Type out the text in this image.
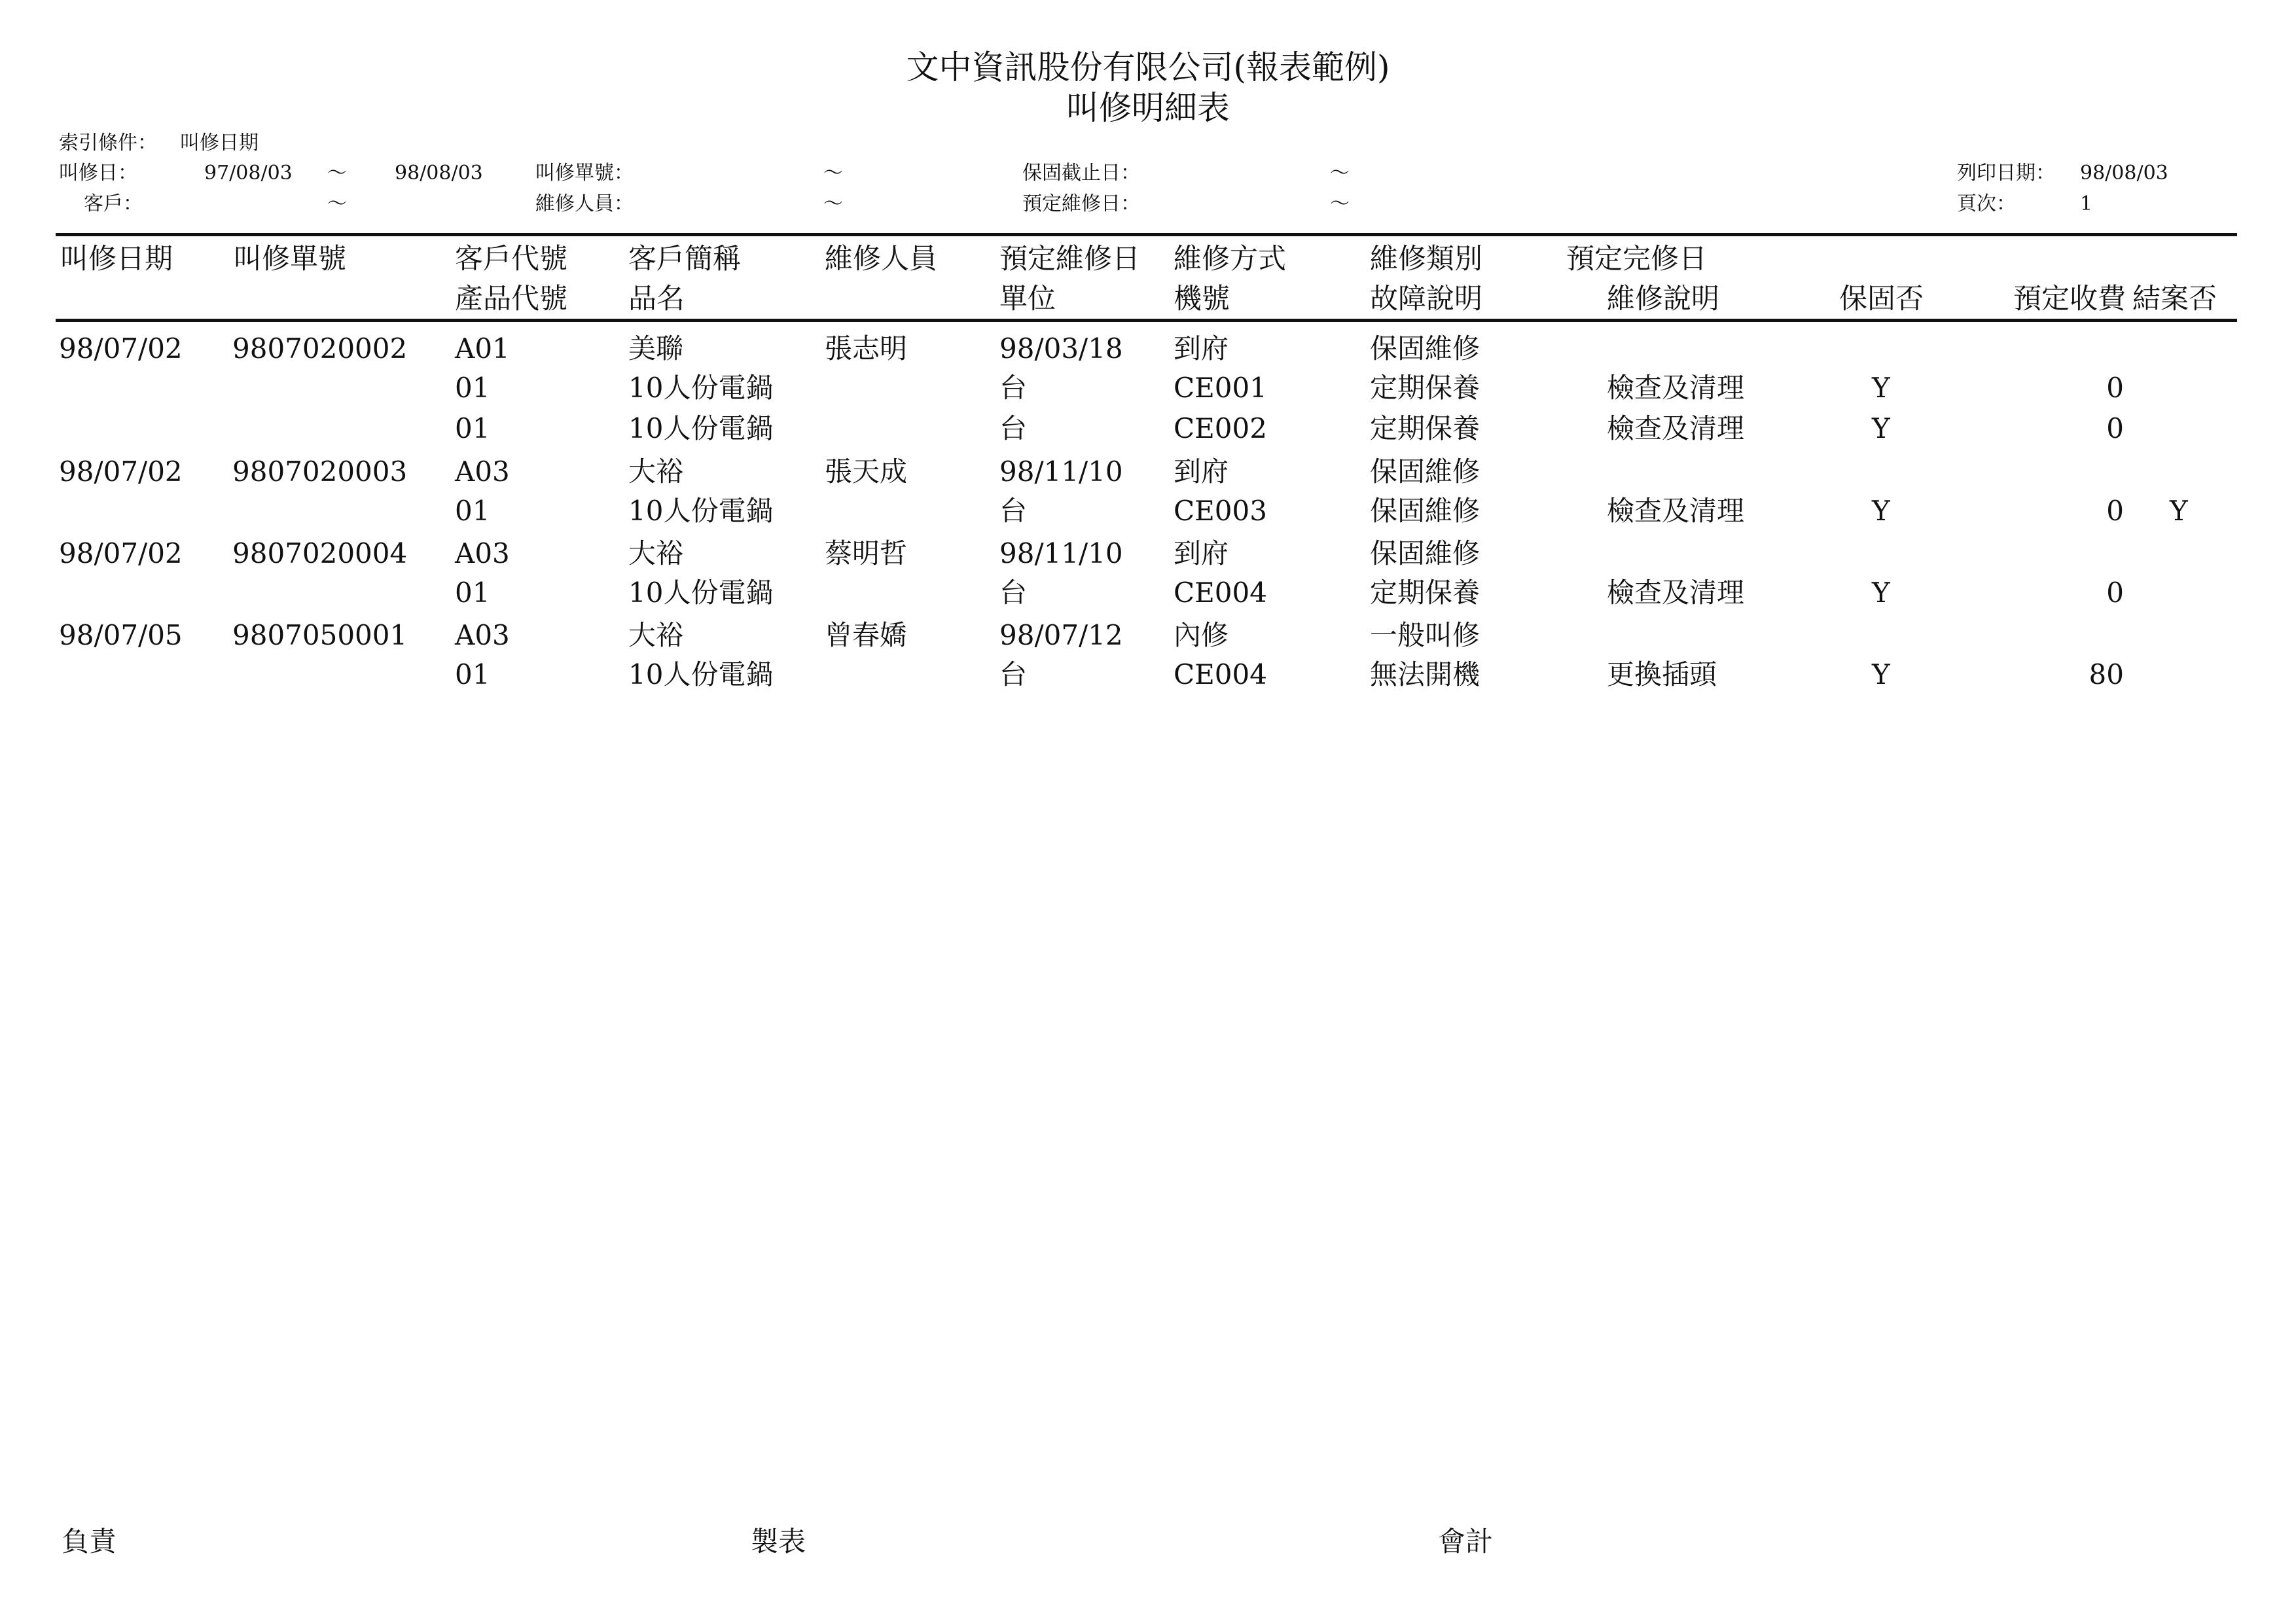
文中資訊股份有限公司(報表範例)
叫修明細表
索引條件： 叫修日期
叫修日：	97/08/03 ～ 98/08/03	叫修單號：	～	保固截止日：	～	列印日期： 98/08/03
客戶：	～	維修人員：	～	預定維修日：	～	頁次：	1
叫修日期 叫修單號	客戶代號 客戶簡稱	維修人員 預定維修日 維修方式	維修類別	預定完修日
產品代號 品名	單位	機號	故障說明	維修說明	保固否	預定收費 結案否
98/07/02 9807020002 A01	美聯	張志明	98/03/18 到府	保固維修
01	10人份電鍋	台	CE001	定期保養	檢查及清理	Y	0
01	10人份電鍋	台	CE002	定期保養	檢查及清理	Y	0
98/07/02 9807020003 A03	大裕	張天成	98/11/10 到府	保固維修
01	10人份電鍋	台	CE003	保固維修	檢查及清理	Y	0 Y
98/07/02 9807020004 A03	大裕	蔡明哲	98/11/10 到府	保固維修
01	10人份電鍋	台	CE004	定期保養	檢查及清理	Y	0
98/07/05 9807050001 A03	大裕	曾春嬌	98/07/12 內修	一般叫修
01	10人份電鍋	台	CE004	無法開機	更換插頭	Y	80
負責	製表	會計
